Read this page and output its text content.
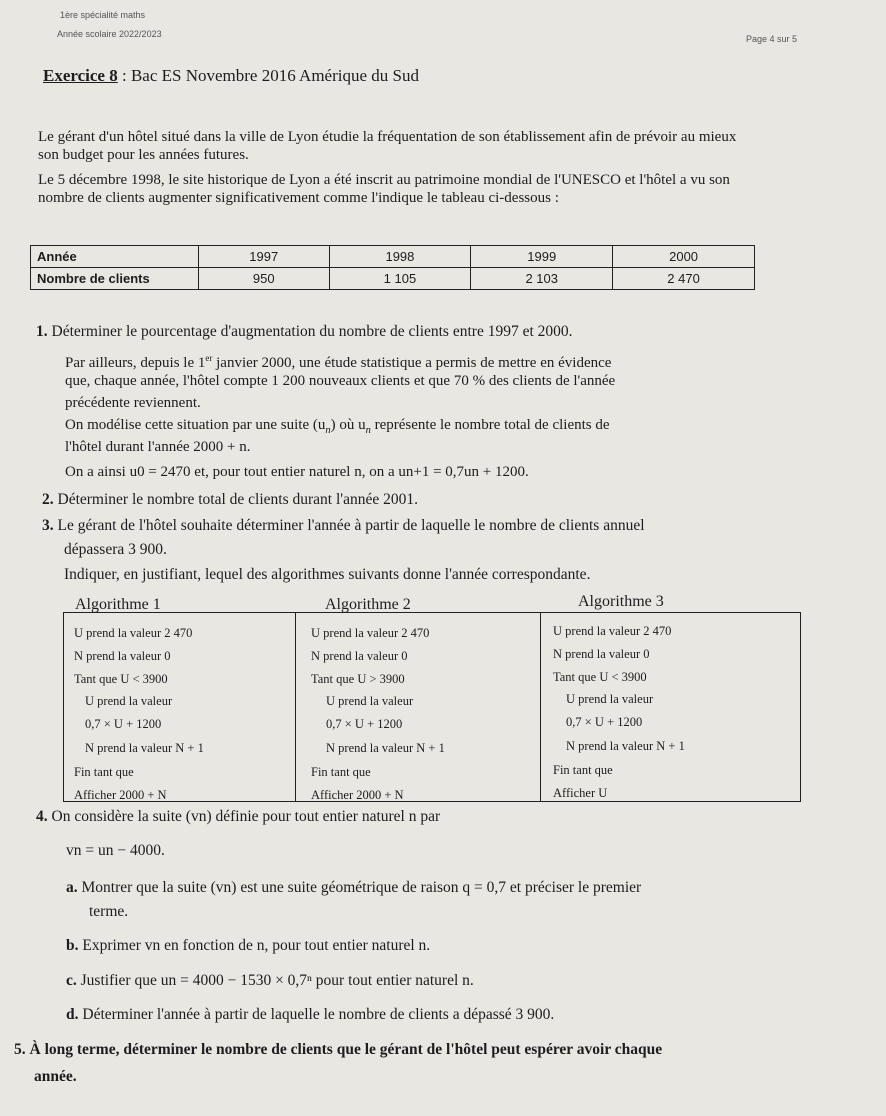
1ère spécialité maths
Année scolaire 2022/2023	Page 4 sur 5
Exercice 8 : Bac ES Novembre 2016 Amérique du Sud
Le gérant d'un hôtel situé dans la ville de Lyon étudie la fréquentation de son établissement afin de prévoir au mieux son budget pour les années futures.
Le 5 décembre 1998, le site historique de Lyon a été inscrit au patrimoine mondial de l'UNESCO et l'hôtel a vu son nombre de clients augmenter significativement comme l'indique le tableau ci-dessous :
Année	1997	1998	1999	2000
Nombre de clients	950	1 105	2 103	2 470
1. Déterminer le pourcentage d'augmentation du nombre de clients entre 1997 et 2000.
Par ailleurs, depuis le 1er janvier 2000, une étude statistique a permis de mettre en évidence
que, chaque année, l'hôtel compte 1 200 nouveaux clients et que 70 % des clients de l'année
précédente reviennent.
On modélise cette situation par une suite $(u_n)$ où $u_n$ représente le nombre total de clients de
l'hôtel durant l'année 2000 + n.
On a ainsi u0 = 2470 et, pour tout entier naturel n, on a un+1 = 0,7un + 1200.
2. Déterminer le nombre total de clients durant l'année 2001.
3. Le gérant de l'hôtel souhaite déterminer l'année à partir de laquelle le nombre de clients annuel
dépassera 3 900.
Indiquer, en justifiant, lequel des algorithmes suivants donne l'année correspondante.
Algorithme 1	Algorithme 2	Algorithme 3
U prend la valeur 2 470
N prend la valeur 0
Tant que U < 3900
U prend la valeur
0,7 × U + 1200
N prend la valeur N + 1
Fin tant que
Afficher 2000 + N
U prend la valeur 2 470
N prend la valeur 0
Tant que U > 3900
U prend la valeur
0,7 × U + 1200
N prend la valeur N + 1
Fin tant que
Afficher 2000 + N
U prend la valeur 2 470
N prend la valeur 0
Tant que U < 3900
U prend la valeur
0,7 × U + 1200
N prend la valeur N + 1
Fin tant que
Afficher U
4. On considère la suite (vn) définie pour tout entier naturel n par
vn = un − 4000.
a. Montrer que la suite (vn) est une suite géométrique de raison q = 0,7 et préciser le premier
terme.
b. Exprimer vn en fonction de n, pour tout entier naturel n.
c. Justifier que un = 4000 − 1530 × 0,7ⁿ pour tout entier naturel n.
d. Déterminer l'année à partir de laquelle le nombre de clients a dépassé 3 900.
5. À long terme, déterminer le nombre de clients que le gérant de l'hôtel peut espérer avoir chaque
année.
